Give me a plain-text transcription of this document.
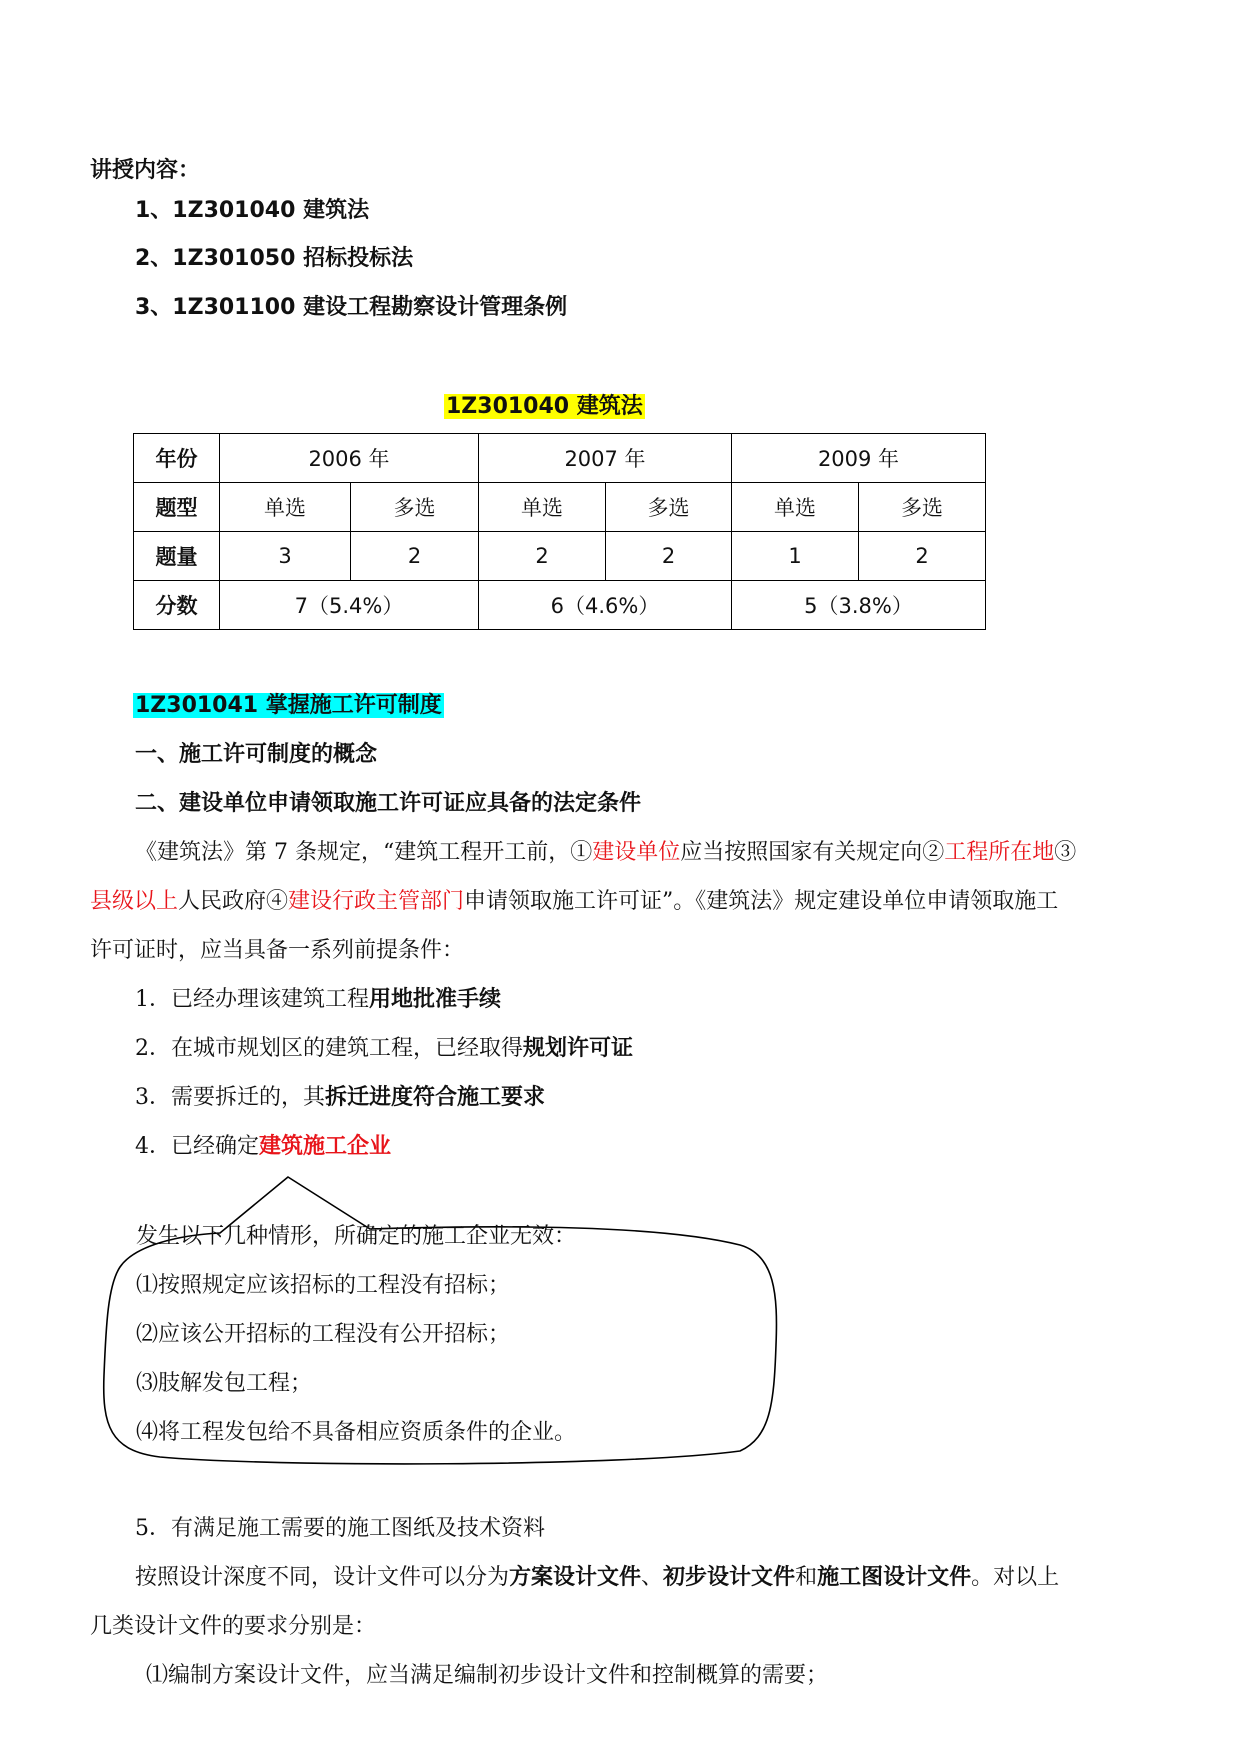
讲授内容：
1、1Z301040 建筑法
2、1Z301050 招标投标法
3、1Z301100 建设工程勘察设计管理条例
1Z301040 建筑法
年份	2006 年		2007 年		2009 年	
题型	单选	多选	单选	多选	单选	多选
题量	3	2	2	2	1	2
分数	7（5.4%）		6（4.6%）		5（3.8%）	
1Z301041 掌握施工许可制度
一、施工许可制度的概念
二、建设单位申请领取施工许可证应具备的法定条件
《建筑法》第 7 条规定，“建筑工程开工前，①建设单位应当按照国家有关规定向②工程所在地③
县级以上人民政府④建设行政主管部门申请领取施工许可证”。《建筑法》规定建设单位申请领取施工
许可证时，应当具备一系列前提条件：
1．已经办理该建筑工程用地批准手续
2．在城市规划区的建筑工程，已经取得规划许可证
3．需要拆迁的，其拆迁进度符合施工要求
4．已经确定建筑施工企业
发生以下几种情形，所确定的施工企业无效：
⑴按照规定应该招标的工程没有招标；
⑵应该公开招标的工程没有公开招标；
⑶肢解发包工程；
⑷将工程发包给不具备相应资质条件的企业。
5．有满足施工需要的施工图纸及技术资料
按照设计深度不同，设计文件可以分为方案设计文件、初步设计文件和施工图设计文件。对以上
几类设计文件的要求分别是：
⑴编制方案设计文件，应当满足编制初步设计文件和控制概算的需要；
